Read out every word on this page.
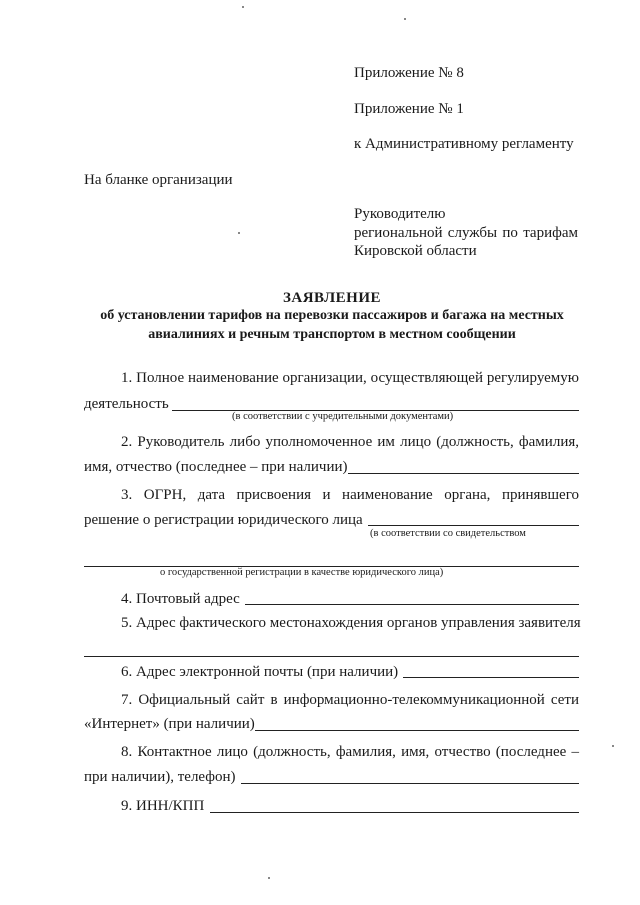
Приложение № 8
Приложение № 1
к Административному регламенту
На бланке организации
Руководителю
региональной службы по тарифам
Кировской области
ЗАЯВЛЕНИЕ
об установлении тарифов на перевозки пассажиров и багажа на местных
авиалиниях и речным транспортом в местном сообщении
1. Полное наименование организации, осуществляющей регулируемую
деятельность
(в соответствии с учредительными документами)
2. Руководитель либо уполномоченное им лицо (должность, фамилия,
имя, отчество (последнее – при наличии)
3. ОГРН, дата присвоения и наименование органа, принявшего
решение о регистрации юридического лица
(в соответствии со свидетельством
о государственной регистрации в качестве юридического лица)
4. Почтовый адрес
5. Адрес фактического местонахождения органов управления заявителя
6. Адрес электронной почты (при наличии)
7. Официальный сайт в информационно-телекоммуникационной сети
«Интернет» (при наличии)
8. Контактное лицо (должность, фамилия, имя, отчество (последнее –
при наличии), телефон)
9. ИНН/КПП
